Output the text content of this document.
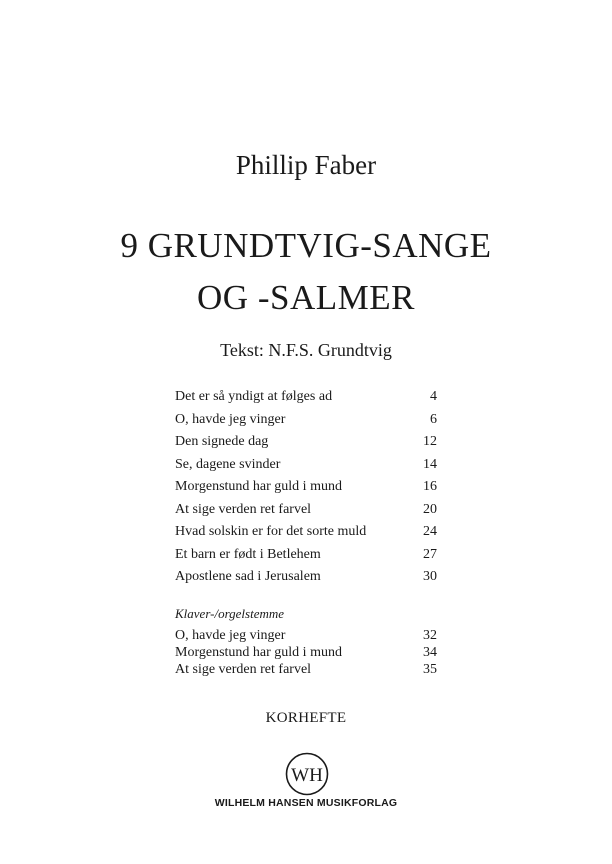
Phillip Faber
9 GRUNDTVIG-SANGE
OG -SALMER
Tekst: N.F.S. Grundtvig
Det er så yndigt at følges ad	4
O, havde jeg vinger	6
Den signede dag	12
Se, dagene svinder	14
Morgenstund har guld i mund	16
At sige verden ret farvel	20
Hvad solskin er for det sorte muld	24
Et barn er født i Betlehem	27
Apostlene sad i Jerusalem	30
Klaver-/orgelstemme
O, havde jeg vinger	32
Morgenstund har guld i mund	34
At sige verden ret farvel	35
KORHEFTE
WH
WILHELM HANSEN MUSIKFORLAG
